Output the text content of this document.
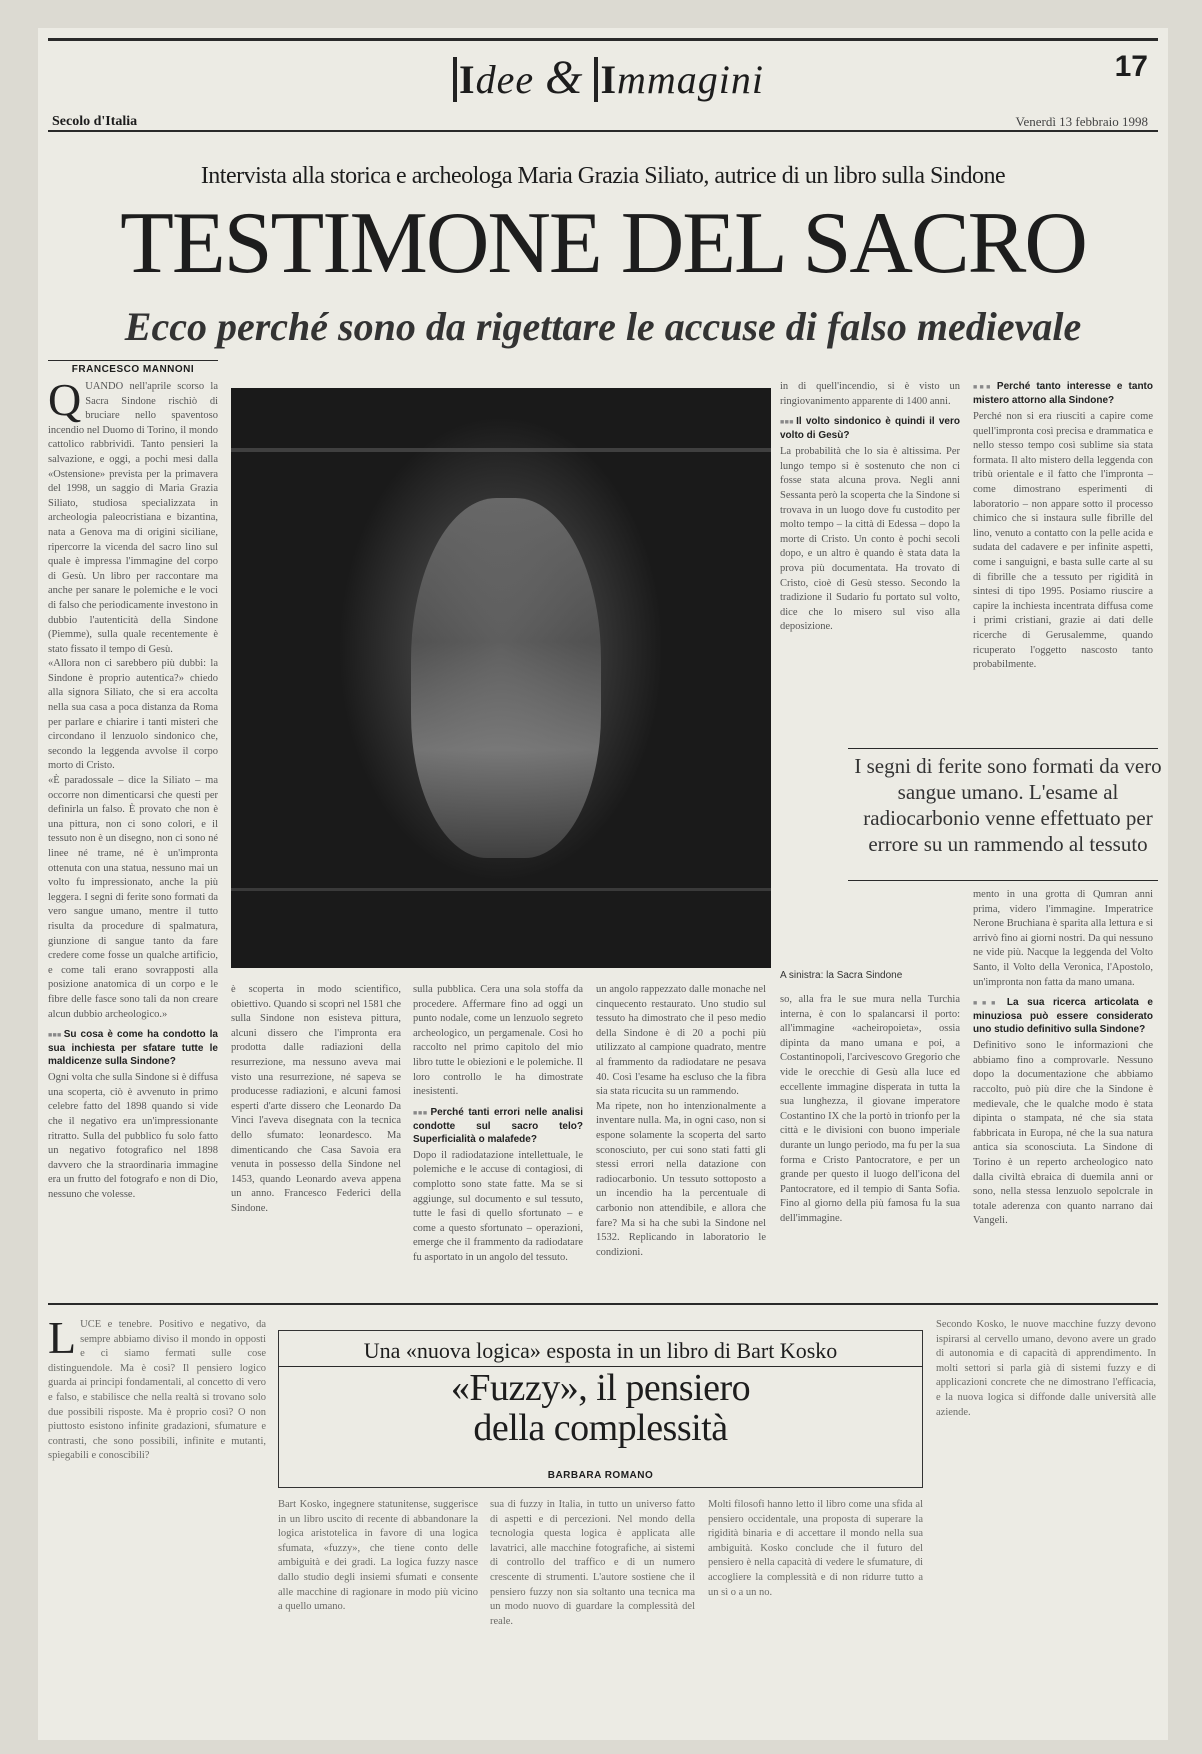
Idee & Immagini	17
Secolo d'Italia	Venerdì 13 febbraio 1998
Intervista alla storica e archeologa Maria Grazia Siliato, autrice di un libro sulla Sindone
TESTIMONE DEL SACRO
Ecco perché sono da rigettare le accuse di falso medievale
FRANCESCO MANNONI
Q UANDO nell'aprile scorso la Sacra Sindone rischiò di bruciare nello spaventoso incendio nel Duomo di Torino, il mondo cattolico rabbrividì. Tanto pensieri la salvazione, e oggi, a pochi mesi dalla «Ostensione» prevista per la primavera del 1998, un saggio di Maria Grazia Siliato, studiosa specializzata in archeologia paleocristiana e bizantina, nata a Genova ma di origini siciliane, ripercorre la vicenda del sacro lino sul quale è impressa l'immagine del corpo di Gesù. Un libro per raccontare ma anche per sanare le polemiche e le voci di falso che periodicamente investono in dubbio l'autenticità della Sindone (Piemme), sulla quale recentemente è stato fissato il tempo di Gesù.

«Allora non ci sarebbero più dubbi: la Sindone è proprio autentica?» chiedo alla signora Siliato, che si era accolta nella sua casa a poca distanza da Roma per parlare e chiarire i tanti misteri che circondano il lenzuolo sindonico che, secondo la leggenda avvolse il corpo morto di Cristo.

«È paradossale – dice la Siliato – ma occorre non dimenticarsi che questi per definirla un falso. È provato che non è una pittura, non ci sono colori, e il tessuto non è un disegno, non ci sono né linee né trame, né è un'impronta ottenuta con una statua, nessuno mai un volto fu impressionato, anche la più leggera. I segni di ferite sono formati da vero sangue umano, mentre il tutto risulta da procedure di spalmatura, giunzione di sangue tanto da fare credere come fosse un qualche artificio, e come tali erano sovrapposti alla posizione anatomica di un corpo e le fibre delle fasce sono tali da non creare alcun dubbio archeologico.»

■■■ Su cosa è come ha condotto la sua inchiesta per sfatare tutte le maldicenze sulla Sindone?

Ogni volta che sulla Sindone si è diffusa una scoperta, ciò è avvenuto in primo celebre fatto del 1898 quando si vide che il negativo era un'impressionante ritratto. Sulla del pubblico fu solo fatto un negativo fotografico nel 1898 davvero che la straordinaria immagine era un frutto del fotografo e non di Dio, nessuno che volesse.

A sinistra: la Sacra Sindone

è scoperta in modo scientifico, obiettivo. Quando si scoprì nel 1581 che sulla Sindone non esisteva pittura, alcuni dissero che l'impronta era prodotta dalle radiazioni della resurrezione, ma nessuno aveva mai visto una resurrezione, né sapeva se producesse radiazioni, e alcuni famosi esperti d'arte dissero che Leonardo Da Vinci l'aveva disegnata con la tecnica dello sfumato: leonardesco. Ma dimenticando che Casa Savoia era venuta in possesso della Sindone nel 1453, quando Leonardo aveva appena un anno. Francesco Federici della Sindone.

sulla pubblica. Cera una sola stoffa da procedere. Affermare fino ad oggi un punto nodale, come un lenzuolo segreto archeologico, un pergamenale. Così ho raccolto nel primo capitolo del mio libro tutte le obiezioni e le polemiche. Il loro controllo le ha dimostrate inesistenti.

■■■ Perché tanti errori nelle analisi condotte sul sacro telo? Superficialità o malafede?

Dopo il radiodatazione intellettuale, le polemiche e le accuse di contagiosi, di complotto sono state fatte. Ma se si aggiunge, sul documento e sul tessuto, tutte le fasi di quello sfortunato – e come a questo sfortunato – operazioni, emerge che il frammento da radiodatare fu asportato in un angolo del tessuto.

un angolo rappezzato dalle monache nel cinquecento restaurato. Uno studio sul tessuto ha dimostrato che il peso medio della Sindone è di 20 a pochi più utilizzato al campione quadrato, mentre al frammento da radiodatare ne pesava 40. Così l'esame ha escluso che la fibra sia stata ricucita su un rammendo.

Ma ripete, non ho intenzionalmente a inventare nulla. Ma, in ogni caso, non si espone solamente la scoperta del sarto sconosciuto, per cui sono stati fatti gli stessi errori nella datazione con radiocarbonio. Un tessuto sottoposto a un incendio ha la percentuale di carbonio non attendibile, e allora che fare? Ma si ha che subì la Sindone nel 1532. Replicando in laboratorio le condizioni.

in di quell'incendio, si è visto un ringiovanimento apparente di 1400 anni.

■■■ Il volto sindonico è quindi il vero volto di Gesù?

La probabilità che lo sia è altissima. Per lungo tempo si è sostenuto che non ci fosse stata alcuna prova. Negli anni Sessanta però la scoperta che la Sindone si trovava in un luogo dove fu custodito per molto tempo – la città di Edessa – dopo la morte di Cristo. Un conto è pochi secoli dopo, e un altro è quando è stata data la prova più documentata. Ha trovato di Cristo, cioè di Gesù stesso. Secondo la tradizione il Sudario fu portato sul volto, dice che lo misero sul viso alla deposizione.

■■■ Perché tanto interesse e tanto mistero attorno alla Sindone?

Perché non si era riusciti a capire come quell'impronta così precisa e drammatica e nello stesso tempo così sublime sia stata formata. Il alto mistero della leggenda con tribù orientale e il fatto che l'impronta – come dimostrano esperimenti di laboratorio – non appare sotto il processo chimico che si instaura sulle fibrille del lino, venuto a contatto con la pelle acida e sudata del cadavere e per infinite aspetti, come i sanguigni, e basta sulle carte al su di fibrille che a tessuto per rigidità in sintesi di tipo 1995. Posiamo riuscire a capire la inchiesta incentrata diffusa come i primi cristiani, grazie ai dati delle ricerche di Gerusalemme, quando ricuperato l'oggetto nascosto tanto probabilmente.

I segni di ferite sono formati da vero sangue umano. L'esame al radiocarbonio venne effettuato per errore su un rammendo al tessuto

so, alla fra le sue mura nella Turchia interna, è con lo spalancarsi il porto: all'immagine «acheiropoieta», ossia dipinta da mano umana e poi, a Costantinopoli, l'arcivescovo Gregorio che vide le orecchie di Gesù alla luce ed eccellente immagine disperata in tutta la sua lunghezza, il giovane imperatore Costantino IX che la portò in trionfo per la città e le divisioni con buono imperiale durante un lungo periodo, ma fu per la sua forma e Cristo Pantocratore, e per un grande per questo il luogo dell'icona del Pantocratore, ed il tempio di Santa Sofia. Fino al giorno della più famosa fu la sua dell'immagine.

mento in una grotta di Qumran anni prima, videro l'immagine. Imperatrice Nerone Bruchiana è sparita alla lettura e si arrivò fino ai giorni nostri. Da qui nessuno ne vide più. Nacque la leggenda del Volto Santo, il Volto della Veronica, l'Apostolo, un'impronta non fatta da mano umana.

■■■ La sua ricerca articolata e minuziosa può essere considerato uno studio definitivo sulla Sindone?

Definitivo sono le informazioni che abbiamo fino a comprovarle. Nessuno dopo la documentazione che abbiamo raccolto, può più dire che la Sindone è medievale, che le qualche modo è stata dipinta o stampata, né che sia stata fabbricata in Europa, né che la sua natura antica sia sconosciuta. La Sindone di Torino è un reperto archeologico nato dalla civiltà ebraica di duemila anni or sono, nella stessa lenzuolo sepolcrale in totale aderenza con quanto narrano dai Vangeli.

Una «nuova logica» esposta in un libro di Bart Kosko
«Fuzzy», il pensiero
della complessità
BARBARA ROMANO
L UCE e tenebre. Positivo e negativo, da sempre abbiamo diviso il mondo in opposti e ci siamo fermati sulle cose distinguendole. Ma è così? Il pensiero logico guarda ai principi fondamentali, al concetto di vero e falso, e stabilisce che nella realtà si trovano solo due possibili risposte. Ma è proprio così? O non piuttosto esistono infinite gradazioni, sfumature e contrasti, che sono possibili, infinite e mutanti, spiegabili e conoscibili?

Bart Kosko, ingegnere statunitense, suggerisce in un libro uscito di recente di abbandonare la logica aristotelica in favore di una logica sfumata, «fuzzy», che tiene conto delle ambiguità e dei gradi. La logica fuzzy nasce dallo studio degli insiemi sfumati e consente alle macchine di ragionare in modo più vicino a quello umano.

sua di fuzzy in Italia, in tutto un universo fatto di aspetti e di percezioni. Nel mondo della tecnologia questa logica è applicata alle lavatrici, alle macchine fotografiche, ai sistemi di controllo del traffico e di un numero crescente di strumenti. L'autore sostiene che il pensiero fuzzy non sia soltanto una tecnica ma un modo nuovo di guardare la complessità del reale.

Molti filosofi hanno letto il libro come una sfida al pensiero occidentale, una proposta di superare la rigidità binaria e di accettare il mondo nella sua ambiguità. Kosko conclude che il futuro del pensiero è nella capacità di vedere le sfumature, di accogliere la complessità e di non ridurre tutto a un sì o a un no.

Secondo Kosko, le nuove macchine fuzzy devono ispirarsi al cervello umano, devono avere un grado di autonomia e di capacità di apprendimento. In molti settori si parla già di sistemi fuzzy e di applicazioni concrete che ne dimostrano l'efficacia, e la nuova logica si diffonde dalle università alle aziende.
